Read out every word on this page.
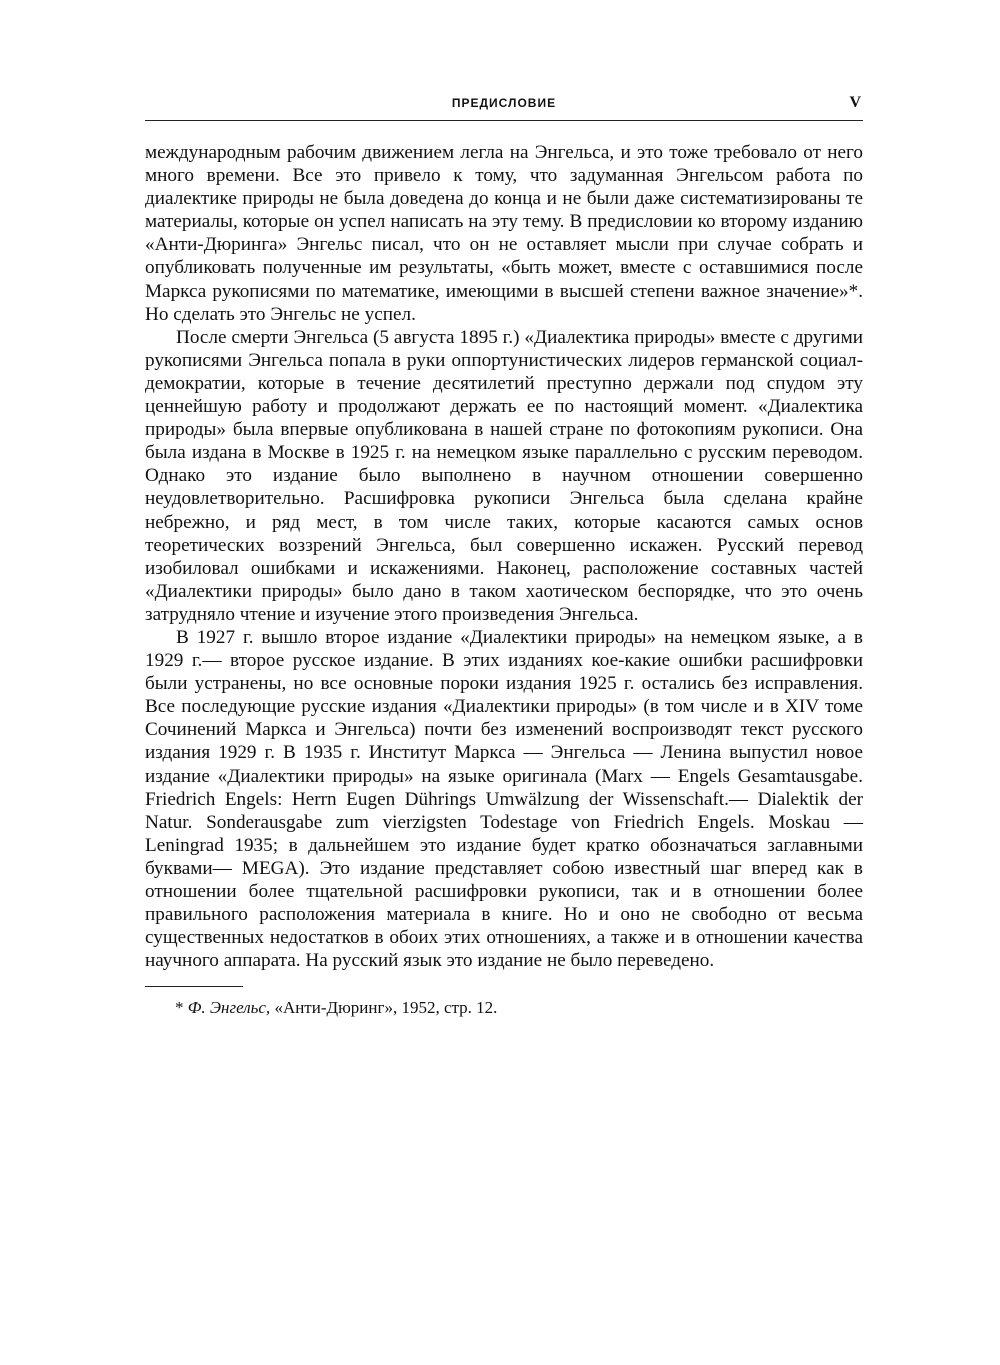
ПРЕДИСЛОВИЕ	V

международным рабочим движением легла на Энгельса, и это тоже требовало от него много времени. Все это привело к тому, что задуманная Энгельсом работа по диалектике природы не была доведена до конца и не были даже систематизированы те материалы, которые он успел написать на эту тему. В предисловии ко второму изданию «Анти-Дюринга» Энгельс писал, что он не оставляет мысли при случае собрать и опубликовать полученные им результаты, «быть может, вместе с оставшимися после Маркса рукописями по математике, имеющими в высшей степени важное значение»*. Но сделать это Энгельс не успел.

После смерти Энгельса (5 августа 1895 г.) «Диалектика природы» вместе с другими рукописями Энгельса попала в руки оппортунистических лидеров германской социал-демократии, которые в течение десятилетий преступно держали под спудом эту ценнейшую работу и продолжают держать ее по настоящий момент. «Диалектика природы» была впервые опубликована в нашей стране по фотокопиям рукописи. Она была издана в Москве в 1925 г. на немецком языке параллельно с русским переводом. Однако это издание было выполнено в научном отношении совершенно неудовлетворительно. Расшифровка рукописи Энгельса была сделана крайне небрежно, и ряд мест, в том числе таких, которые касаются самых основ теоретических воззрений Энгельса, был совершенно искажен. Русский перевод изобиловал ошибками и искажениями. Наконец, расположение составных частей «Диалектики природы» было дано в таком хаотическом беспорядке, что это очень затрудняло чтение и изучение этого произведения Энгельса.

В 1927 г. вышло второе издание «Диалектики природы» на немецком языке, а в 1929 г.— второе русское издание. В этих изданиях кое-какие ошибки расшифровки были устранены, но все основные пороки издания 1925 г. остались без исправления. Все последующие русские издания «Диалектики природы» (в том числе и в XIV томе Сочинений Маркса и Энгельса) почти без изменений воспроизводят текст русского издания 1929 г. В 1935 г. Институт Маркса — Энгельса — Ленина выпустил новое издание «Диалектики природы» на языке оригинала (Marx — Engels Gesamtausgabe. Friedrich Engels: Herrn Eugen Dührings Umwälzung der Wissenschaft.— Dialektik der Natur. Sonderausgabe zum vierzigsten Todestage von Friedrich Engels. Moskau — Leningrad 1935; в дальнейшем это издание будет кратко обозначаться заглавными буквами— MEGA). Это издание представляет собою известный шаг вперед как в отношении более тщательной расшифровки рукописи, так и в отношении более правильного расположения материала в книге. Но и оно не свободно от весьма существенных недостатков в обоих этих отношениях, а также и в отношении качества научного аппарата. На русский язык это издание не было переведено.

* Ф. Энгельс, «Анти-Дюринг», 1952, стр. 12.
